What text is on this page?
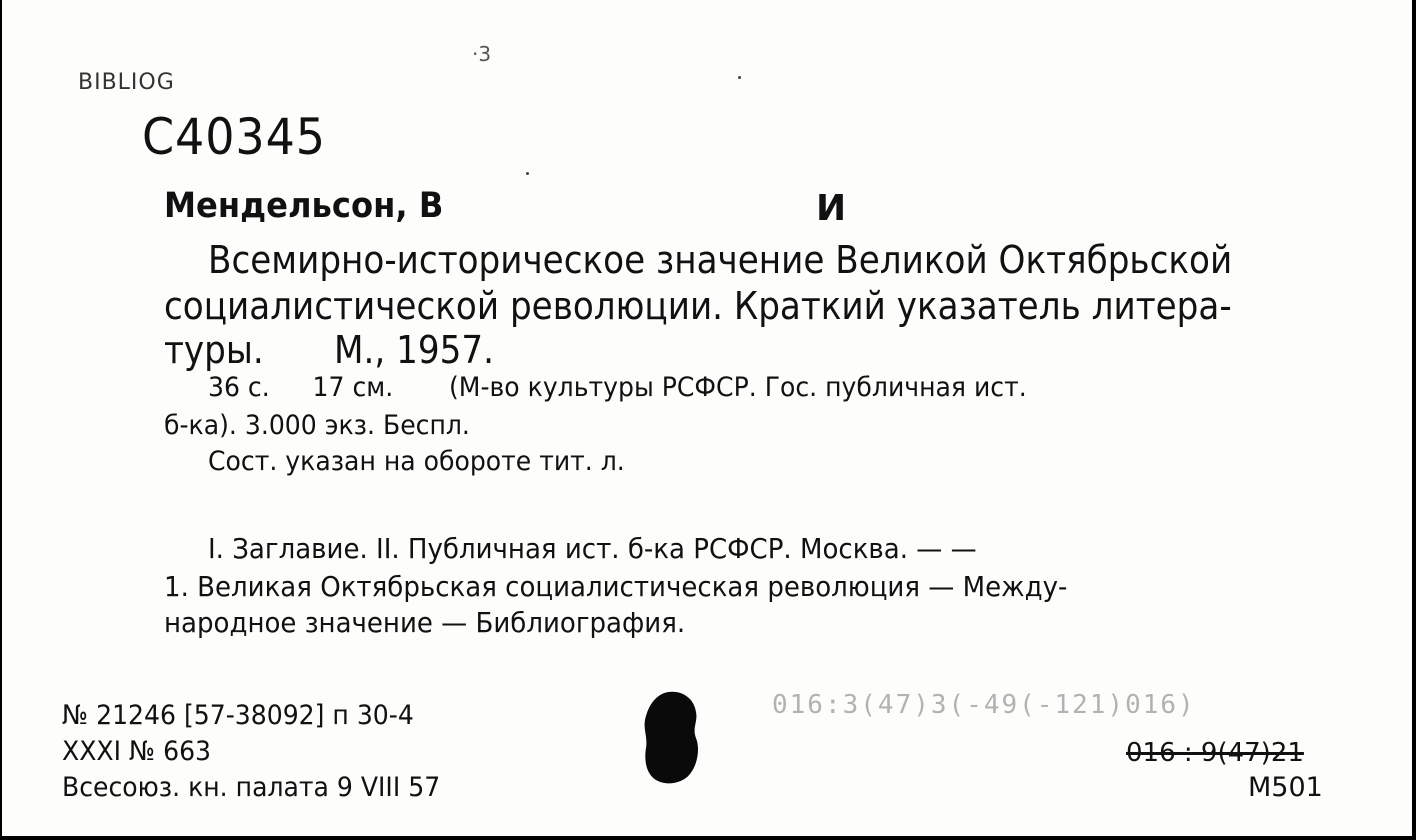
BIBLIOG
·3
С40345
Мендельсон, В	И
Всемирно-историческое значение Великой Октябрьской
социалистической революции. Краткий указатель литера-
туры. М., 1957.
36 с. 17 см. (М-во культуры РСФСР. Гос. публичная ист.
б-ка). 3.000 экз. Беспл.
Сост. указан на обороте тит. л.
I. Заглавие. II. Публичная ист. б-ка РСФСР. Москва. — —
1. Великая Октябрьская социалистическая революция — Между-
народное значение — Библиография.
№ 21246 [57-38092] п 30-4
XXXI № 663
Всесоюз. кн. палата 9 VIII 57
016:3(47)3(-49(-121)016)
016 : 9(47)21
М501
